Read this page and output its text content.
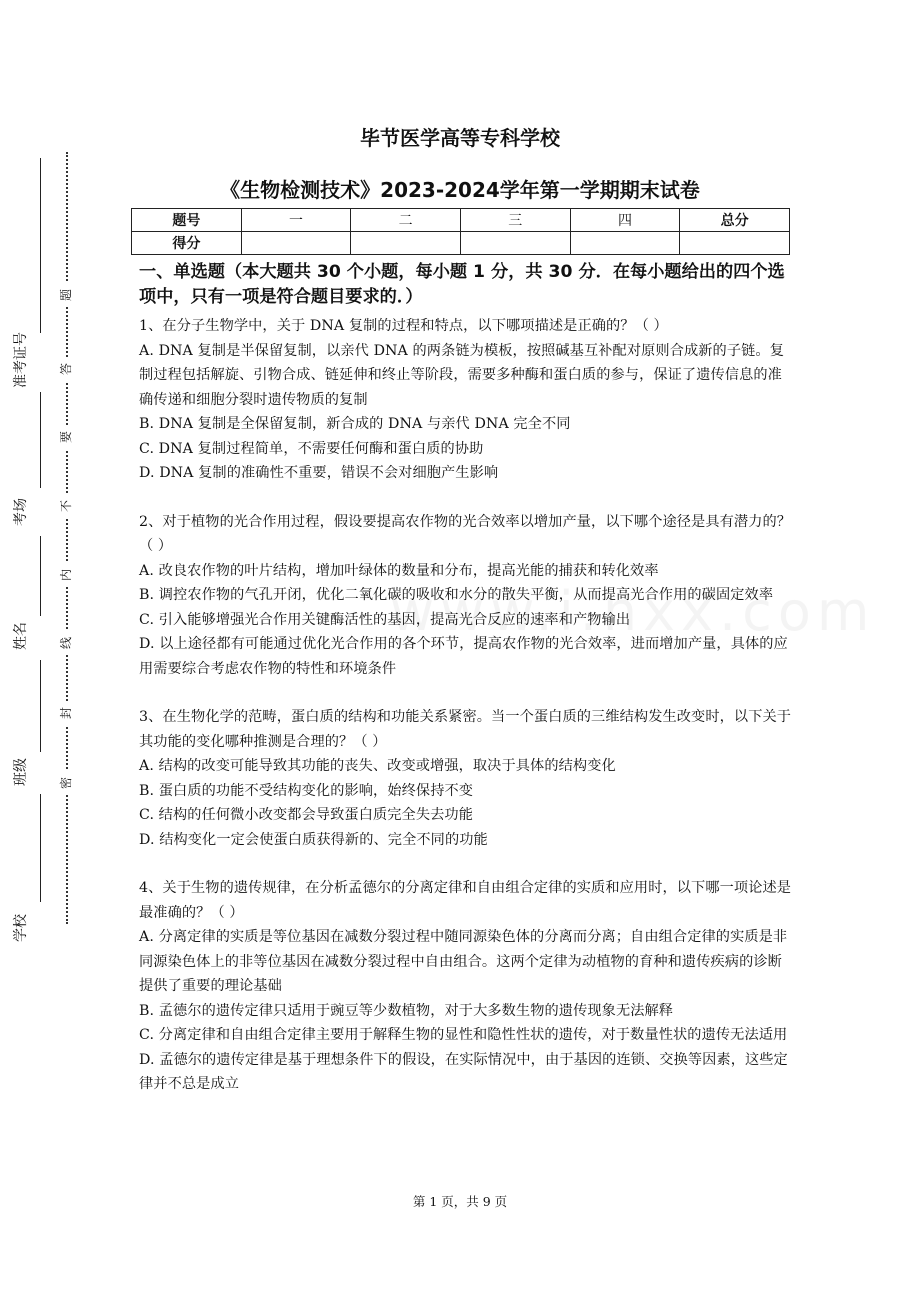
准考证号
考场
姓名
班级
学校
题
答
要
不
内
线
封
密
毕节医学高等专科学校
《生物检测技术》2023-2024学年第一学期期末试卷
题号	一	二	三	四	总分
得分					

一、单选题（本大题共 30 个小题，每小题 1 分，共 30 分．在每小题给出的四个选项中，只有一项是符合题目要求的．）

1、在分子生物学中，关于 DNA 复制的过程和特点，以下哪项描述是正确的？（ ）

A. DNA 复制是半保留复制，以亲代 DNA 的两条链为模板，按照碱基互补配对原则合成新的子链。复制过程包括解旋、引物合成、链延伸和终止等阶段，需要多种酶和蛋白质的参与，保证了遗传信息的准确传递和细胞分裂时遗传物质的复制

B. DNA 复制是全保留复制，新合成的 DNA 与亲代 DNA 完全不同

C. DNA 复制过程简单，不需要任何酶和蛋白质的协助

D. DNA 复制的准确性不重要，错误不会对细胞产生影响

2、对于植物的光合作用过程，假设要提高农作物的光合效率以增加产量，以下哪个途径是具有潜力的？（ ）

A. 改良农作物的叶片结构，增加叶绿体的数量和分布，提高光能的捕获和转化效率

B. 调控农作物的气孔开闭，优化二氧化碳的吸收和水分的散失平衡，从而提高光合作用的碳固定效率

C. 引入能够增强光合作用关键酶活性的基因，提高光合反应的速率和产物输出

D. 以上途径都有可能通过优化光合作用的各个环节，提高农作物的光合效率，进而增加产量，具体的应用需要综合考虑农作物的特性和环境条件

3、在生物化学的范畴，蛋白质的结构和功能关系紧密。当一个蛋白质的三维结构发生改变时，以下关于其功能的变化哪种推测是合理的？（ ）

A. 结构的改变可能导致其功能的丧失、改变或增强，取决于具体的结构变化

B. 蛋白质的功能不受结构变化的影响，始终保持不变

C. 结构的任何微小改变都会导致蛋白质完全失去功能

D. 结构变化一定会使蛋白质获得新的、完全不同的功能

4、关于生物的遗传规律，在分析孟德尔的分离定律和自由组合定律的实质和应用时，以下哪一项论述是最准确的？（ ）

A. 分离定律的实质是等位基因在减数分裂过程中随同源染色体的分离而分离；自由组合定律的实质是非同源染色体上的非等位基因在减数分裂过程中自由组合。这两个定律为动植物的育种和遗传疾病的诊断提供了重要的理论基础

B. 孟德尔的遗传定律只适用于豌豆等少数植物，对于大多数生物的遗传现象无法解释

C. 分离定律和自由组合定律主要用于解释生物的显性和隐性性状的遗传，对于数量性状的遗传无法适用

D. 孟德尔的遗传定律是基于理想条件下的假设，在实际情况中，由于基因的连锁、交换等因素，这些定律并不总是成立

第 1 页，共 9 页
